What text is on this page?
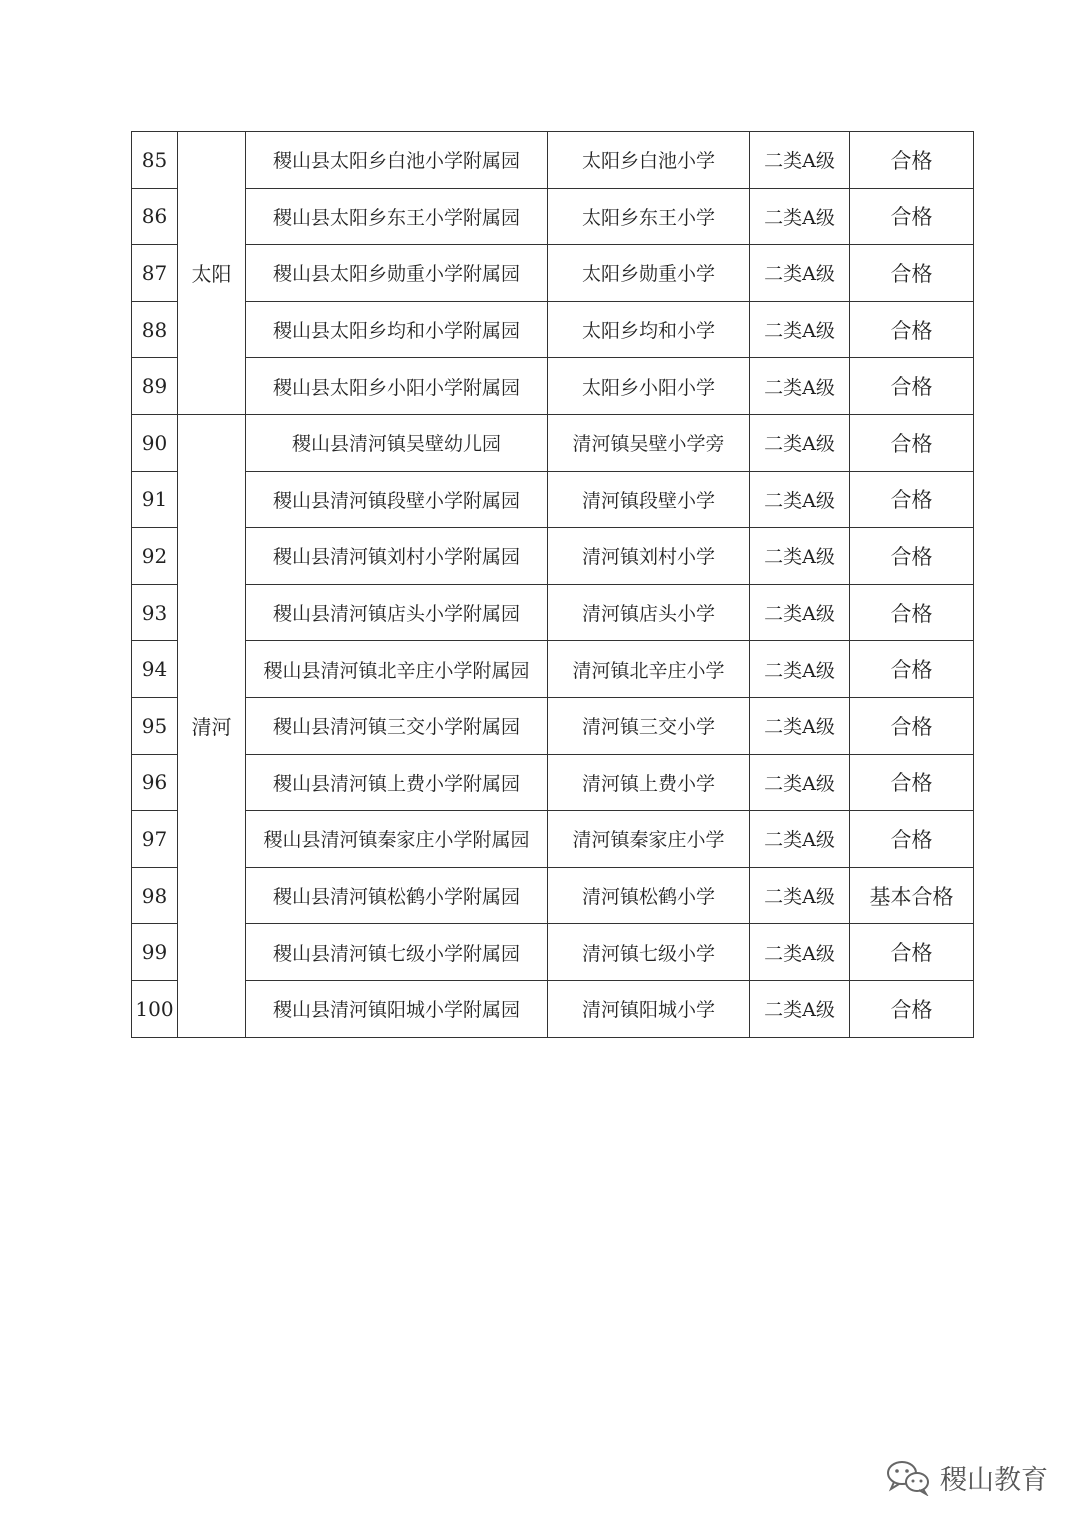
85	太阳	稷山县太阳乡白池小学附属园	太阳乡白池小学	二类A级	合格
86		稷山县太阳乡东王小学附属园	太阳乡东王小学	二类A级	合格
87		稷山县太阳乡勋重小学附属园	太阳乡勋重小学	二类A级	合格
88		稷山县太阳乡均和小学附属园	太阳乡均和小学	二类A级	合格
89		稷山县太阳乡小阳小学附属园	太阳乡小阳小学	二类A级	合格
90	清河	稷山县清河镇吴壁幼儿园	清河镇吴壁小学旁	二类A级	合格
91		稷山县清河镇段壁小学附属园	清河镇段壁小学	二类A级	合格
92		稷山县清河镇刘村小学附属园	清河镇刘村小学	二类A级	合格
93		稷山县清河镇店头小学附属园	清河镇店头小学	二类A级	合格
94		稷山县清河镇北辛庄小学附属园	清河镇北辛庄小学	二类A级	合格
95		稷山县清河镇三交小学附属园	清河镇三交小学	二类A级	合格
96		稷山县清河镇上费小学附属园	清河镇上费小学	二类A级	合格
97		稷山县清河镇秦家庄小学附属园	清河镇秦家庄小学	二类A级	合格
98		稷山县清河镇松鹤小学附属园	清河镇松鹤小学	二类A级	基本合格
99		稷山县清河镇七级小学附属园	清河镇七级小学	二类A级	合格
100		稷山县清河镇阳城小学附属园	清河镇阳城小学	二类A级	合格
稷山教育
